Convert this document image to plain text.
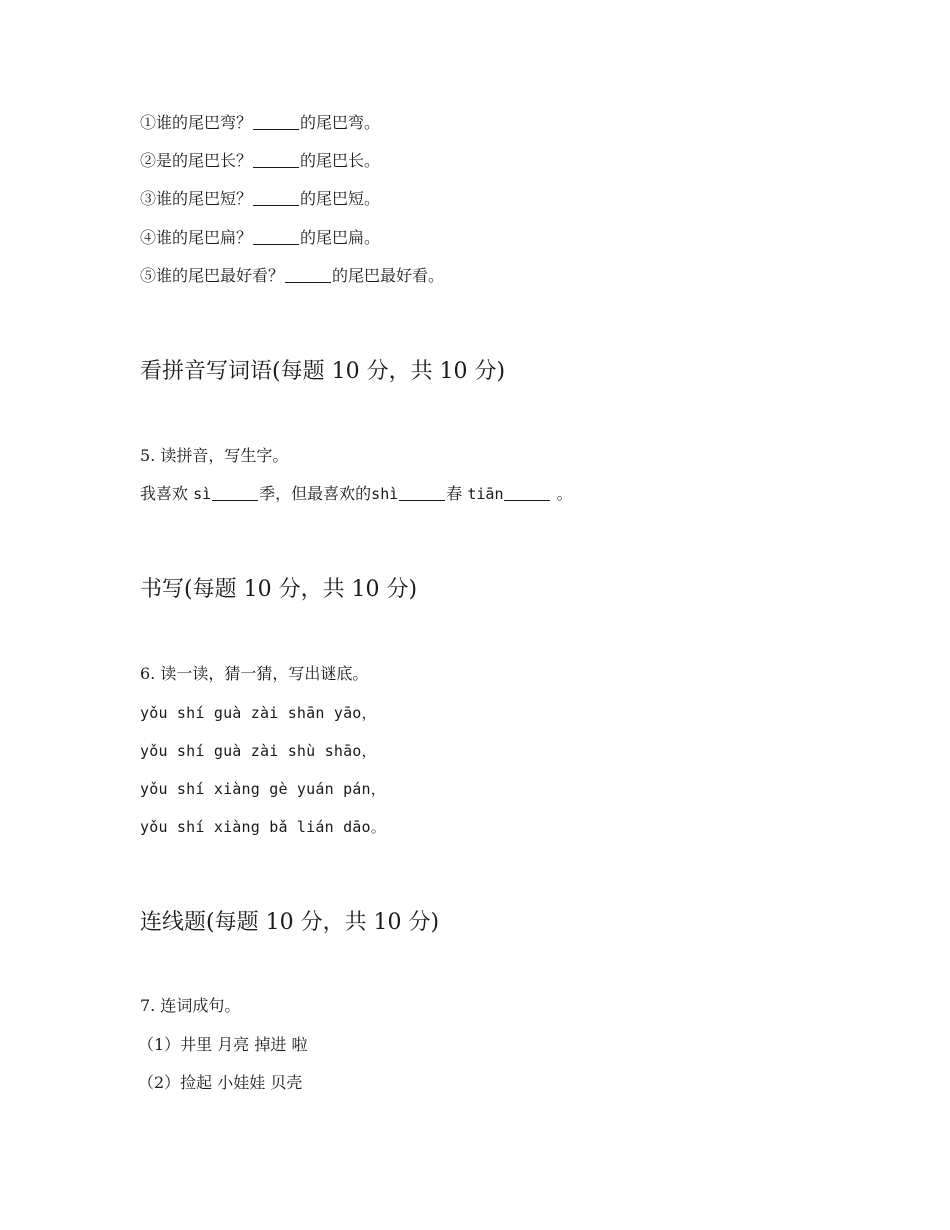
①谁的尾巴弯？	的尾巴弯。
②是的尾巴长？	的尾巴长。
③谁的尾巴短？	的尾巴短。
④谁的尾巴扁？	的尾巴扁。
⑤谁的尾巴最好看？	的尾巴最好看。
看拼音写词语(每题 10 分，共 10 分)
5. 读拼音，写生字。
我喜欢 sì	季，但最喜欢的shì	春 tiān	。
书写(每题 10 分，共 10 分)
6. 读一读，猜一猜，写出谜底。
yǒu shí guà zài shān yāo，
yǒu shí guà zài shù shāo，
yǒu shí xiàng gè yuán pán，
yǒu shí xiàng bǎ lián dāo。
连线题(每题 10 分，共 10 分)
7. 连词成句。
（1）井里 月亮 掉进 啦
（2）捡起 小娃娃 贝壳
